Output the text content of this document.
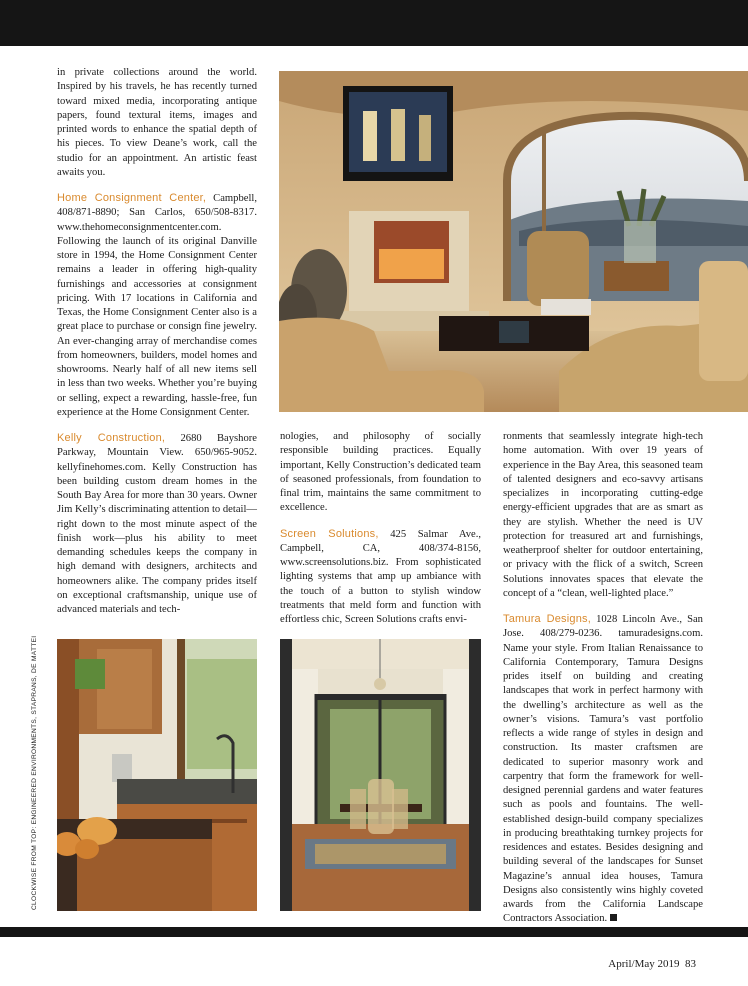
in private collections around the world. Inspired by his travels, he has recently turned toward mixed media, incorporating antique papers, found textural items, images and printed words to enhance the spatial depth of his pieces. To view Deane’s work, call the studio for an appointment. An artistic feast awaits you.

Home Consignment Center, Campbell, 408/871-8890; San Carlos, 650/508-8317. www.thehomeconsignmentcenter.com. Following the launch of its original Danville store in 1994, the Home Consignment Center remains a leader in offering high-quality furnishings and accessories at consignment pricing. With 17 locations in California and Texas, the Home Consignment Center also is a great place to purchase or consign fine jewelry. An ever-changing array of merchandise comes from homeowners, builders, model homes and showrooms. Nearly half of all new items sell in less than two weeks. Whether you’re buying or selling, expect a rewarding, hassle-free, fun experience at the Home Consignment Center.

Kelly Construction, 2680 Bayshore Parkway, Mountain View. 650/965-9052. kellyfinehomes.com. Kelly Construction has been building custom dream homes in the South Bay Area for more than 30 years. Owner Jim Kelly’s discriminating attention to detail—right down to the most minute aspect of the finish work—plus his ability to meet demanding schedules keeps the company in high demand with designers, architects and homeowners alike. The company prides itself on exceptional craftsmanship, unique use of advanced materials and tech-

nologies, and philosophy of socially responsible building practices. Equally important, Kelly Construction’s dedicated team of seasoned professionals, from foundation to final trim, maintains the same commitment to excellence.

Screen Solutions, 425 Salmar Ave., Campbell, CA, 408/374-8156, www.screensolutions.biz. From sophisticated lighting systems that amp up ambiance with the touch of a button to stylish window treatments that meld form and function with effortless chic, Screen Solutions crafts envi-

ronments that seamlessly integrate high-tech home automation. With over 19 years of experience in the Bay Area, this seasoned team of talented designers and eco-savvy artisans specializes in incorporating cutting-edge energy-efficient upgrades that are as smart as they are stylish. Whether the need is UV protection for treasured art and furnishings, weatherproof shelter for outdoor entertaining, or privacy with the flick of a switch, Screen Solutions innovates spaces that elevate the concept of a “clean, well-lighted place.”

Tamura Designs, 1028 Lincoln Ave., San Jose. 408/279-0236. tamuradesigns.com. Name your style. From Italian Renaissance to California Contemporary, Tamura Designs prides itself on building and creating landscapes that work in perfect harmony with the dwelling’s architecture as well as the owner’s visions. Tamura’s vast portfolio reflects a wide range of styles in design and construction. Its master craftsmen are dedicated to superior masonry work and carpentry that form the framework for well-designed perennial gardens and water features such as pools and fountains. The well-established design-build company specializes in producing breathtaking turnkey projects for residences and estates. Besides designing and building several of the landscapes for Sunset Magazine’s annual idea houses, Tamura Designs also consistently wins highly coveted awards from the California Landscape Contractors Association.

CLOCKWISE FROM TOP: ENGINEERED ENVIRONMENTS, STAPRANS, DE MATTEI
April/May 2019 83
